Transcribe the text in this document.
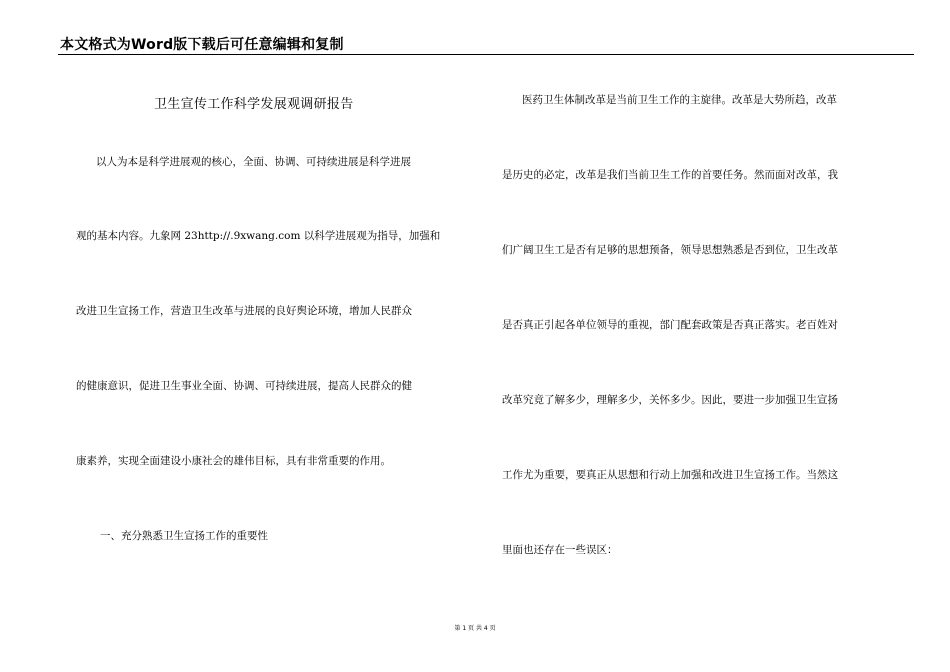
本文格式为Word版下载后可任意编辑和复制
卫生宣传工作科学发展观调研报告
以人为本是科学进展观的核心，全面、协调、可持续进展是科学进展
观的基本内容。九象网 23http://.9xwang.com 以科学进展观为指导，加强和
改进卫生宣扬工作，营造卫生改革与进展的良好舆论环境，增加人民群众
的健康意识，促进卫生事业全面、协调、可持续进展，提高人民群众的健
康素养，实现全面建设小康社会的雄伟目标，具有非常重要的作用。
一、充分熟悉卫生宣扬工作的重要性
医药卫生体制改革是当前卫生工作的主旋律。改革是大势所趋，改革
是历史的必定，改革是我们当前卫生工作的首要任务。然而面对改革，我
们广阔卫生工是否有足够的思想预备，领导思想熟悉是否到位，卫生改革
是否真正引起各单位领导的重视，部门配套政策是否真正落实。老百姓对
改革究竟了解多少，理解多少，关怀多少。因此，要进一步加强卫生宣扬
工作尤为重要，要真正从思想和行动上加强和改进卫生宣扬工作。当然这
里面也还存在一些误区：
第 1 页 共 4 页
